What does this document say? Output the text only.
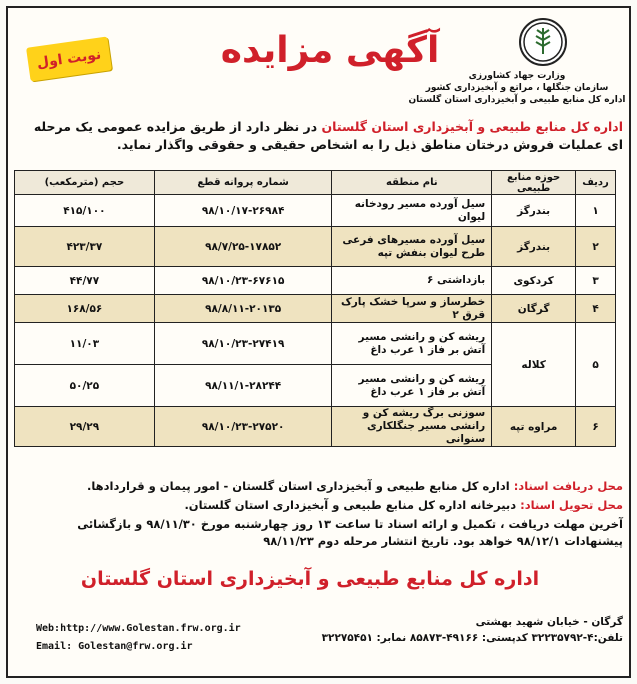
وزارت جهاد کشاورزی
سازمان جنگلها ، مراتع و آبخیزداری کشور
اداره کل منابع طبیعی و آبخیزداری استان گلستان
آگهی مزایده
نوبت اول
اداره کل منابع طبیعی و آبخیزداری استان گلستان در نظر دارد از طریق مزایده عمومی یک مرحله ای عملیات فروش درختان مناطق ذیل را به اشخاص حقیقی و حقوقی واگذار نماید.
ردیف	حوزه منابع طبیعی	نام منطقه	شماره پروانه قطع	حجم (مترمکعب)
۱	بندرگز	سیل آورده مسیر رودخانه لیوان	۹۸/۱۰/۱۷-۲۶۹۸۴	۴۱۵/۱۰۰
۲	بندرگز	سیل آورده مسیرهای فرعی طرح لیوان بنفش تپه	۹۸/۷/۲۵-۱۷۸۵۲	۴۲۳/۳۷
۳	کردکوی	بازداشتی ۶	۹۸/۱۰/۲۳-۶۷۶۱۵	۴۴/۷۷
۴	گرگان	خطرساز و سرپا خشک پارک قرق ۲	۹۸/۸/۱۱-۲۰۱۳۵	۱۶۸/۵۶
۵	کلاله	ریشه کن و رانشی مسیر آتش بر فاز ۱ عرب داغ	۹۸/۱۰/۲۳-۲۷۴۱۹	۱۱/۰۳
		ریشه کن و رانشی مسیر آتش بر فاز ۱ عرب داغ	۹۸/۱۱/۱-۲۸۲۴۴	۵۰/۲۵
۶	مراوه تپه	سوزنی برگ ریشه کن و رانشی مسیر جنگلکاری سنوانی	۹۸/۱۰/۲۳-۲۷۵۲۰	۲۹/۲۹
محل دریافت اسناد: اداره کل منابع طبیعی و آبخیزداری استان گلستان - امور پیمان و قراردادها.
محل تحویل اسناد: دبیرخانه اداره کل منابع طبیعی و آبخیزداری استان گلستان.
آخرین مهلت دریافت ، تکمیل و ارائه اسناد تا ساعت ۱۳ روز چهارشنبه مورخ ۹۸/۱۱/۳۰ و بازگشائی پیشنهادات ۹۸/۱۲/۱ خواهد بود. تاریخ انتشار مرحله دوم ۹۸/۱۱/۲۳
اداره کل منابع طبیعی و آبخیزداری استان گلستان
گرگان - خیابان شهید بهشتی
تلفن:۴-۳۲۲۳۵۷۹۲ کدپستی: ۴۹۱۶۶-۸۵۸۷۳ نمابر: ۳۲۲۷۵۴۵۱
Web:http://www.Golestan.frw.org.ir
Email: Golestan@frw.org.ir
